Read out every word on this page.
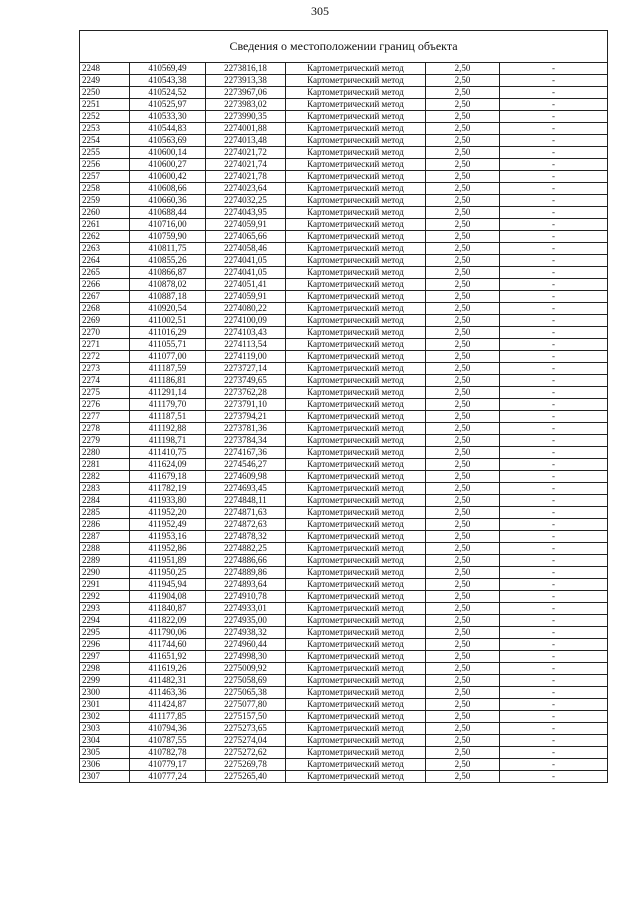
305
Сведения о местоположении границ объекта					
2248	410569,49	2273816,18	Картометрический метод	2,50	-
2249	410543,38	2273913,38	Картометрический метод	2,50	-
2250	410524,52	2273967,06	Картометрический метод	2,50	-
2251	410525,97	2273983,02	Картометрический метод	2,50	-
2252	410533,30	2273990,35	Картометрический метод	2,50	-
2253	410544,83	2274001,88	Картометрический метод	2,50	-
2254	410563,69	2274013,48	Картометрический метод	2,50	-
2255	410600,14	2274021,72	Картометрический метод	2,50	-
2256	410600,27	2274021,74	Картометрический метод	2,50	-
2257	410600,42	2274021,78	Картометрический метод	2,50	-
2258	410608,66	2274023,64	Картометрический метод	2,50	-
2259	410660,36	2274032,25	Картометрический метод	2,50	-
2260	410688,44	2274043,95	Картометрический метод	2,50	-
2261	410716,00	2274059,91	Картометрический метод	2,50	-
2262	410759,90	2274065,66	Картометрический метод	2,50	-
2263	410811,75	2274058,46	Картометрический метод	2,50	-
2264	410855,26	2274041,05	Картометрический метод	2,50	-
2265	410866,87	2274041,05	Картометрический метод	2,50	-
2266	410878,02	2274051,41	Картометрический метод	2,50	-
2267	410887,18	2274059,91	Картометрический метод	2,50	-
2268	410920,54	2274080,22	Картометрический метод	2,50	-
2269	411002,51	2274100,09	Картометрический метод	2,50	-
2270	411016,29	2274103,43	Картометрический метод	2,50	-
2271	411055,71	2274113,54	Картометрический метод	2,50	-
2272	411077,00	2274119,00	Картометрический метод	2,50	-
2273	411187,59	2273727,14	Картометрический метод	2,50	-
2274	411186,81	2273749,65	Картометрический метод	2,50	-
2275	411291,14	2273762,28	Картометрический метод	2,50	-
2276	411179,70	2273791,10	Картометрический метод	2,50	-
2277	411187,51	2273794,21	Картометрический метод	2,50	-
2278	411192,88	2273781,36	Картометрический метод	2,50	-
2279	411198,71	2273784,34	Картометрический метод	2,50	-
2280	411410,75	2274167,36	Картометрический метод	2,50	-
2281	411624,09	2274546,27	Картометрический метод	2,50	-
2282	411679,18	2274609,98	Картометрический метод	2,50	-
2283	411782,19	2274693,45	Картометрический метод	2,50	-
2284	411933,80	2274848,11	Картометрический метод	2,50	-
2285	411952,20	2274871,63	Картометрический метод	2,50	-
2286	411952,49	2274872,63	Картометрический метод	2,50	-
2287	411953,16	2274878,32	Картометрический метод	2,50	-
2288	411952,86	2274882,25	Картометрический метод	2,50	-
2289	411951,89	2274886,66	Картометрический метод	2,50	-
2290	411950,25	2274889,86	Картометрический метод	2,50	-
2291	411945,94	2274893,64	Картометрический метод	2,50	-
2292	411904,08	2274910,78	Картометрический метод	2,50	-
2293	411840,87	2274933,01	Картометрический метод	2,50	-
2294	411822,09	2274935,00	Картометрический метод	2,50	-
2295	411790,06	2274938,32	Картометрический метод	2,50	-
2296	411744,60	2274960,44	Картометрический метод	2,50	-
2297	411651,92	2274998,30	Картометрический метод	2,50	-
2298	411619,26	2275009,92	Картометрический метод	2,50	-
2299	411482,31	2275058,69	Картометрический метод	2,50	-
2300	411463,36	2275065,38	Картометрический метод	2,50	-
2301	411424,87	2275077,80	Картометрический метод	2,50	-
2302	411177,85	2275157,50	Картометрический метод	2,50	-
2303	410794,36	2275273,65	Картометрический метод	2,50	-
2304	410787,55	2275274,04	Картометрический метод	2,50	-
2305	410782,78	2275272,62	Картометрический метод	2,50	-
2306	410779,17	2275269,78	Картометрический метод	2,50	-
2307	410777,24	2275265,40	Картометрический метод	2,50	-
